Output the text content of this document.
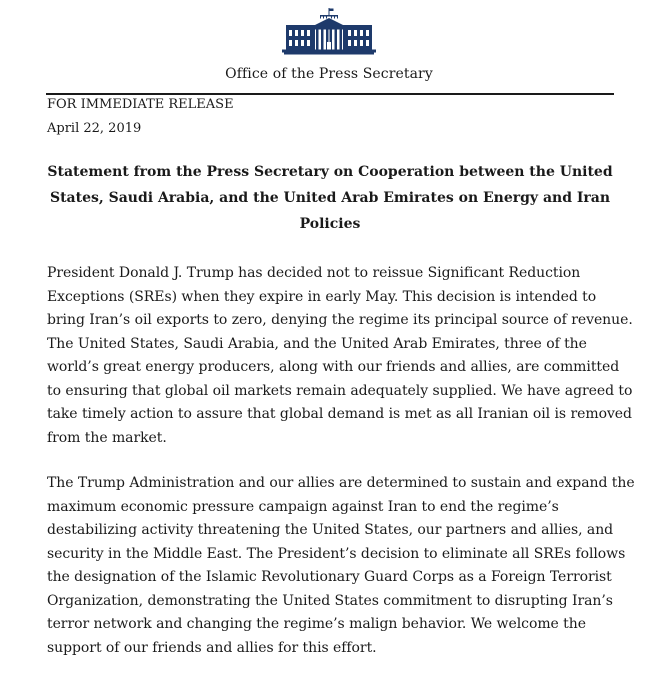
Office of the Press Secretary
FOR IMMEDIATE RELEASE
April 22, 2019
Statement from the Press Secretary on Cooperation between the United States, Saudi Arabia, and the United Arab Emirates on Energy and Iran Policies

President Donald J. Trump has decided not to reissue Significant Reduction Exceptions (SREs) when they expire in early May. This decision is intended to bring Iran’s oil exports to zero, denying the regime its principal source of revenue. The United States, Saudi Arabia, and the United Arab Emirates, three of the world’s great energy producers, along with our friends and allies, are committed to ensuring that global oil markets remain adequately supplied. We have agreed to take timely action to assure that global demand is met as all Iranian oil is removed from the market.

The Trump Administration and our allies are determined to sustain and expand the maximum economic pressure campaign against Iran to end the regime’s destabilizing activity threatening the United States, our partners and allies, and security in the Middle East. The President’s decision to eliminate all SREs follows the designation of the Islamic Revolutionary Guard Corps as a Foreign Terrorist Organization, demonstrating the United States commitment to disrupting Iran’s terror network and changing the regime’s malign behavior. We welcome the support of our friends and allies for this effort.
